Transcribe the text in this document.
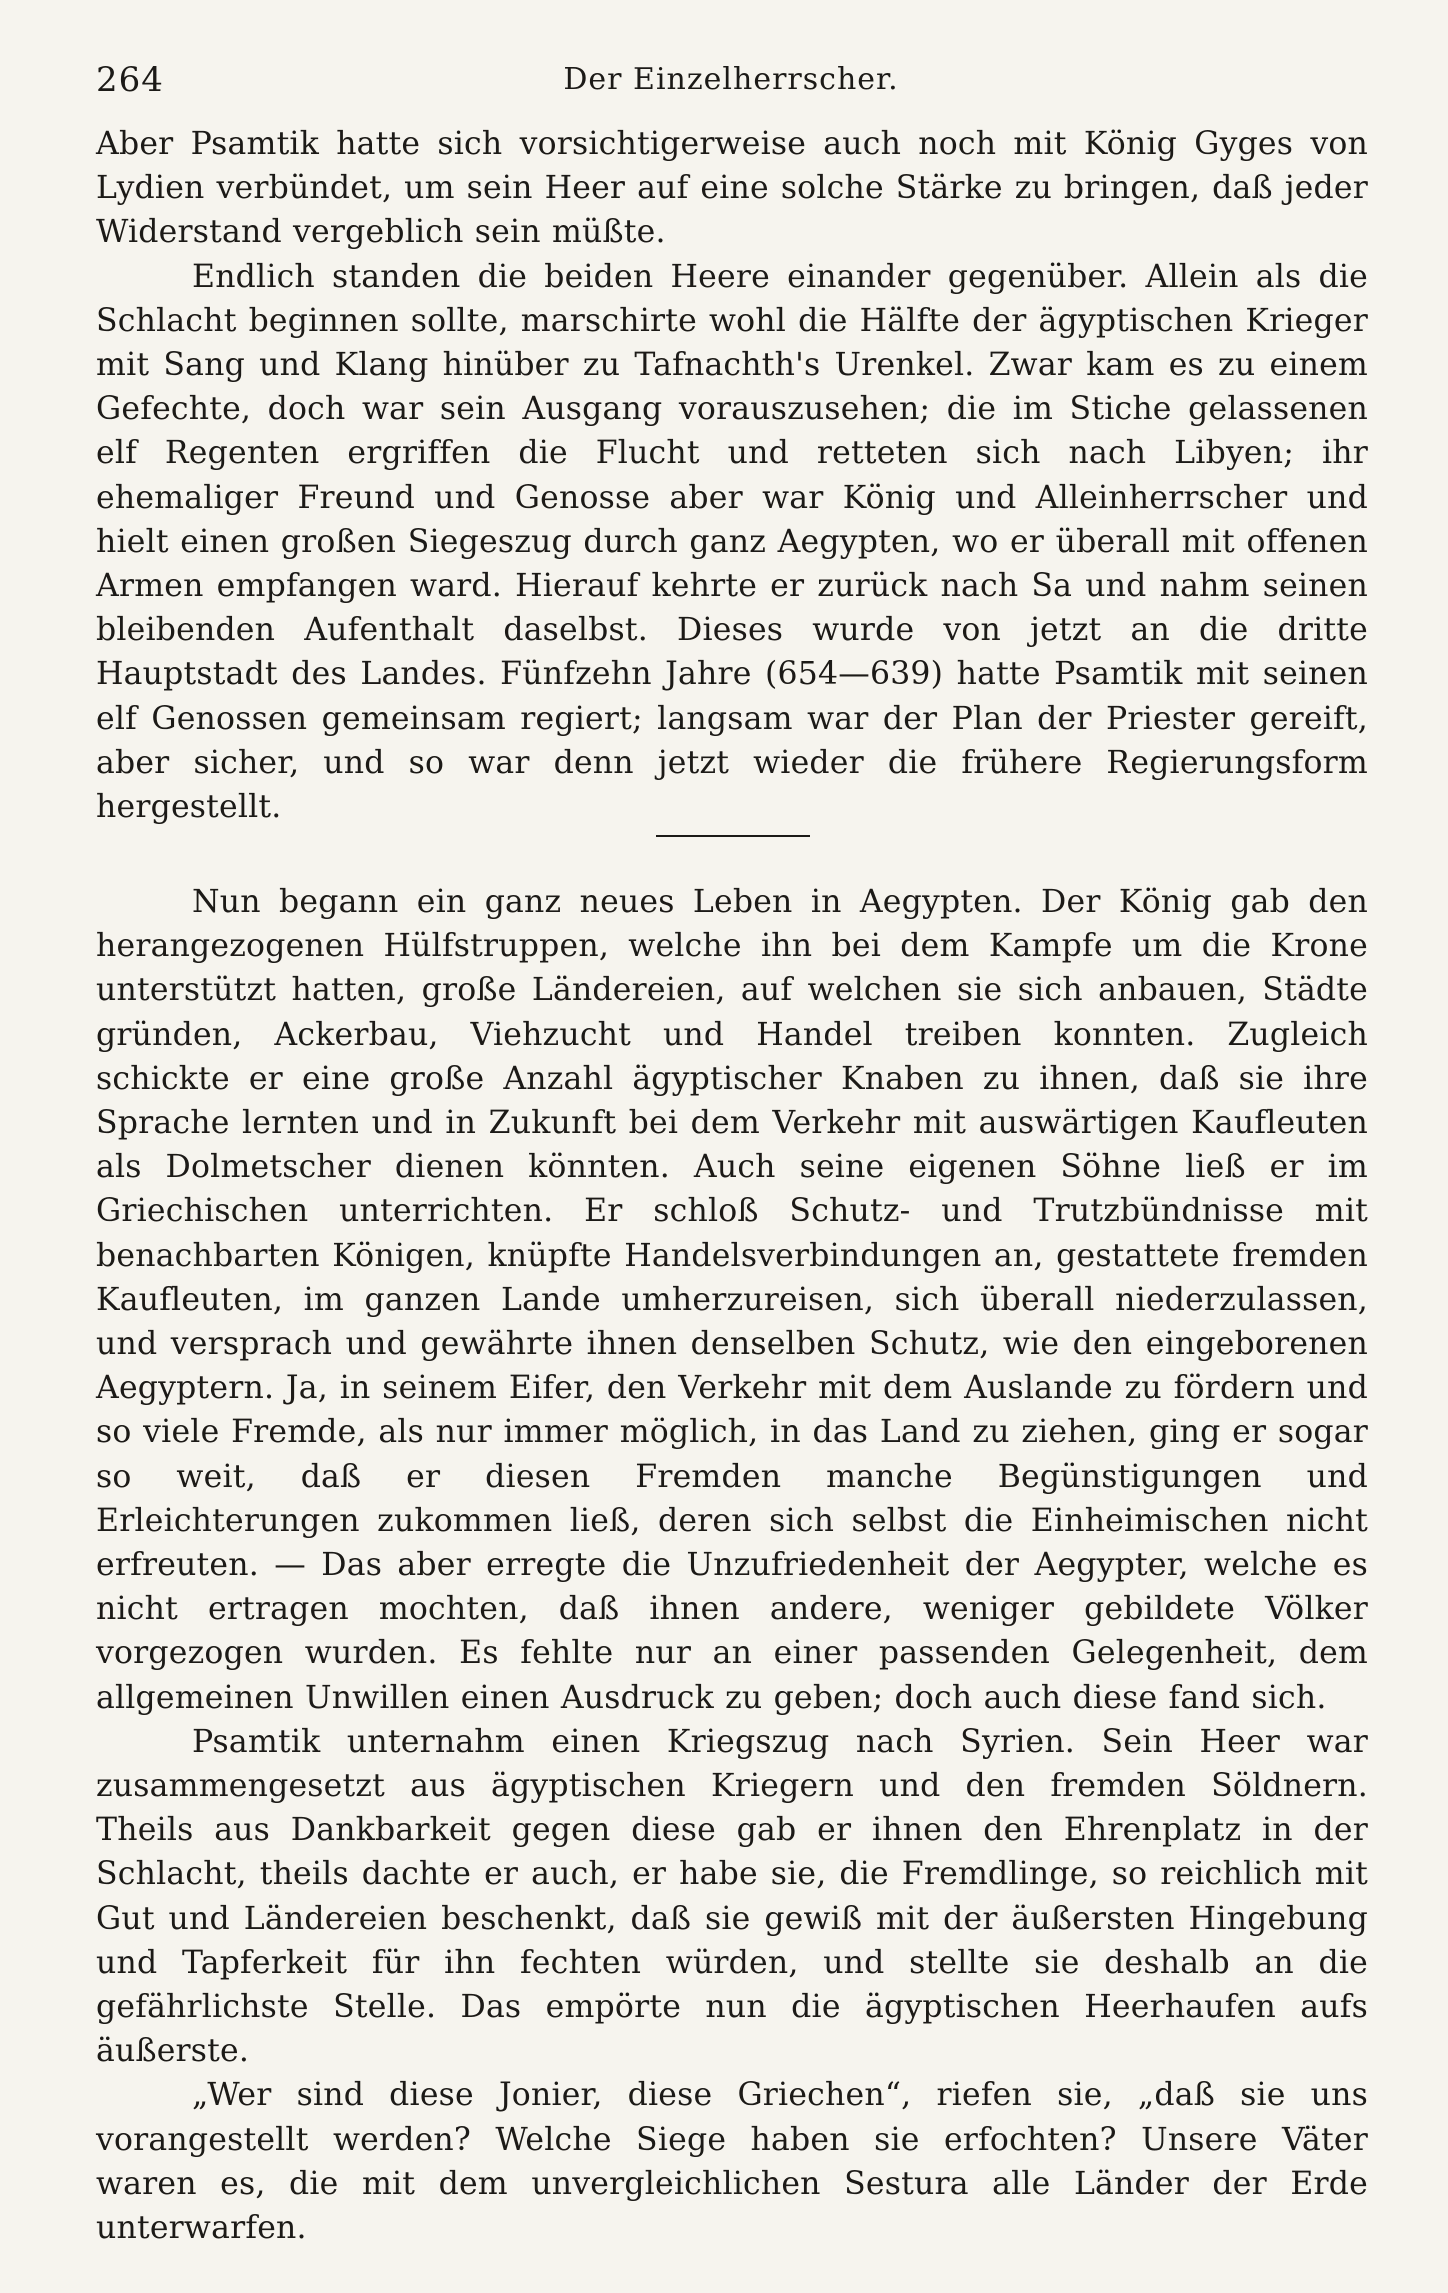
264	Der Einzelherrscher.

Aber Psamtik hatte sich vorsichtigerweise auch noch mit König Gyges von Lydien verbündet, um sein Heer auf eine solche Stärke zu bringen, daß jeder Widerstand vergeblich sein müßte.

Endlich standen die beiden Heere einander gegenüber. Allein als die Schlacht beginnen sollte, marschirte wohl die Hälfte der ägyptischen Krieger mit Sang und Klang hinüber zu Tafnachth's Urenkel. Zwar kam es zu einem Gefechte, doch war sein Ausgang vorauszusehen; die im Stiche gelassenen elf Regenten ergriffen die Flucht und retteten sich nach Libyen; ihr ehemaliger Freund und Genosse aber war König und Alleinherrscher und hielt einen großen Siegeszug durch ganz Aegypten, wo er überall mit offenen Armen empfangen ward. Hierauf kehrte er zurück nach Sa und nahm seinen bleibenden Aufenthalt daselbst. Dieses wurde von jetzt an die dritte Hauptstadt des Landes. Fünfzehn Jahre (654—639) hatte Psamtik mit seinen elf Genossen gemeinsam regiert; langsam war der Plan der Priester gereift, aber sicher, und so war denn jetzt wieder die frühere Regierungsform hergestellt.

Nun begann ein ganz neues Leben in Aegypten. Der König gab den herangezogenen Hülfstruppen, welche ihn bei dem Kampfe um die Krone unterstützt hatten, große Ländereien, auf welchen sie sich anbauen, Städte gründen, Ackerbau, Viehzucht und Handel treiben konnten. Zugleich schickte er eine große Anzahl ägyptischer Knaben zu ihnen, daß sie ihre Sprache lernten und in Zukunft bei dem Verkehr mit auswärtigen Kaufleuten als Dolmetscher dienen könnten. Auch seine eigenen Söhne ließ er im Griechischen unterrichten. Er schloß Schutz- und Trutzbündnisse mit benachbarten Königen, knüpfte Handelsverbindungen an, gestattete fremden Kaufleuten, im ganzen Lande umherzureisen, sich überall niederzulassen, und versprach und gewährte ihnen denselben Schutz, wie den eingeborenen Aegyptern. Ja, in seinem Eifer, den Verkehr mit dem Auslande zu fördern und so viele Fremde, als nur immer möglich, in das Land zu ziehen, ging er sogar so weit, daß er diesen Fremden manche Begünstigungen und Erleichterungen zukommen ließ, deren sich selbst die Einheimischen nicht erfreuten. — Das aber erregte die Unzufriedenheit der Aegypter, welche es nicht ertragen mochten, daß ihnen andere, weniger gebildete Völker vorgezogen wurden. Es fehlte nur an einer passenden Gelegenheit, dem allgemeinen Unwillen einen Ausdruck zu geben; doch auch diese fand sich.

Psamtik unternahm einen Kriegszug nach Syrien. Sein Heer war zusammengesetzt aus ägyptischen Kriegern und den fremden Söldnern. Theils aus Dankbarkeit gegen diese gab er ihnen den Ehrenplatz in der Schlacht, theils dachte er auch, er habe sie, die Fremdlinge, so reichlich mit Gut und Ländereien beschenkt, daß sie gewiß mit der äußersten Hingebung und Tapferkeit für ihn fechten würden, und stellte sie deshalb an die gefährlichste Stelle. Das empörte nun die ägyptischen Heerhaufen aufs äußerste.

„Wer sind diese Jonier, diese Griechen“, riefen sie, „daß sie uns vorangestellt werden? Welche Siege haben sie erfochten? Unsere Väter waren es, die mit dem unvergleichlichen Sestura alle Länder der Erde unterwarfen.
